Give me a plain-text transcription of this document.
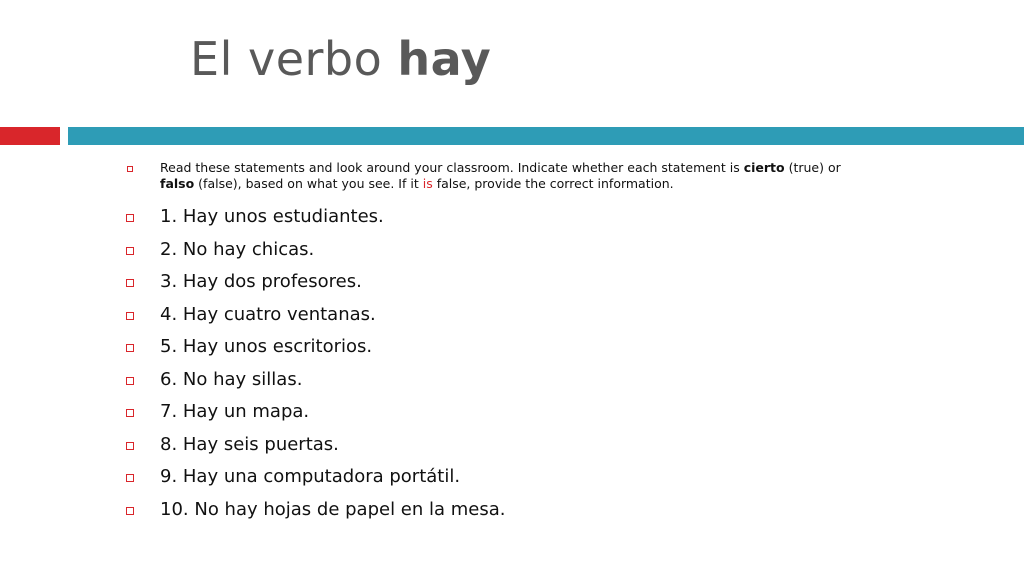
El verbo hay
Read these statements and look around your classroom. Indicate whether each statement is cierto (true) or falso (false), based on what you see. If it is false, provide the correct information.
1. Hay unos estudiantes.
2. No hay chicas.
3. Hay dos profesores.
4. Hay cuatro ventanas.
5. Hay unos escritorios.
6. No hay sillas.
7. Hay un mapa.
8. Hay seis puertas.
9. Hay una computadora portátil.
10. No hay hojas de papel en la mesa.
